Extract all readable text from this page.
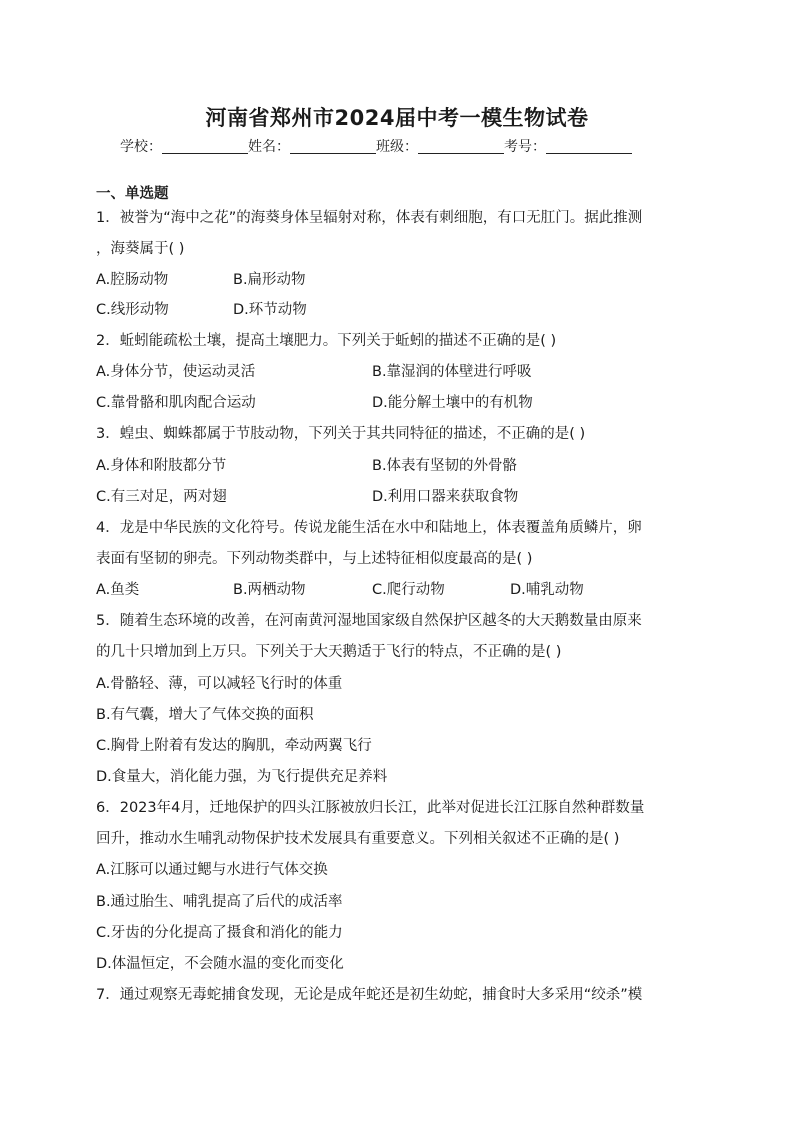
河南省郑州市2024届中考一模生物试卷
学校：	姓名：	班级：	考号：
一、单选题
1．被誉为“海中之花”的海葵身体呈辐射对称，体表有刺细胞，有口无肛门。据此推测
，海葵属于( )
A.腔肠动物	B.扁形动物
C.线形动物	D.环节动物
2．蚯蚓能疏松土壤，提高土壤肥力。下列关于蚯蚓的描述不正确的是( )
A.身体分节，使运动灵活	B.靠湿润的体壁进行呼吸
C.靠骨骼和肌肉配合运动	D.能分解土壤中的有机物
3．蝗虫、蜘蛛都属于节肢动物，下列关于其共同特征的描述，不正确的是( )
A.身体和附肢都分节	B.体表有坚韧的外骨骼
C.有三对足，两对翅	D.利用口器来获取食物
4．龙是中华民族的文化符号。传说龙能生活在水中和陆地上，体表覆盖角质鳞片，卵
表面有坚韧的卵壳。下列动物类群中，与上述特征相似度最高的是( )
A.鱼类	B.两栖动物	C.爬行动物	D.哺乳动物
5．随着生态环境的改善，在河南黄河湿地国家级自然保护区越冬的大天鹅数量由原来
的几十只增加到上万只。下列关于大天鹅适于飞行的特点，不正确的是( )
A.骨骼轻、薄，可以减轻飞行时的体重
B.有气囊，增大了气体交换的面积
C.胸骨上附着有发达的胸肌，牵动两翼飞行
D.食量大，消化能力强，为飞行提供充足养料
6．2023年4月，迁地保护的四头江豚被放归长江，此举对促进长江江豚自然种群数量
回升，推动水生哺乳动物保护技术发展具有重要意义。下列相关叙述不正确的是( )
A.江豚可以通过鳃与水进行气体交换
B.通过胎生、哺乳提高了后代的成活率
C.牙齿的分化提高了摄食和消化的能力
D.体温恒定，不会随水温的变化而变化
7．通过观察无毒蛇捕食发现，无论是成年蛇还是初生幼蛇，捕食时大多采用“绞杀”模
